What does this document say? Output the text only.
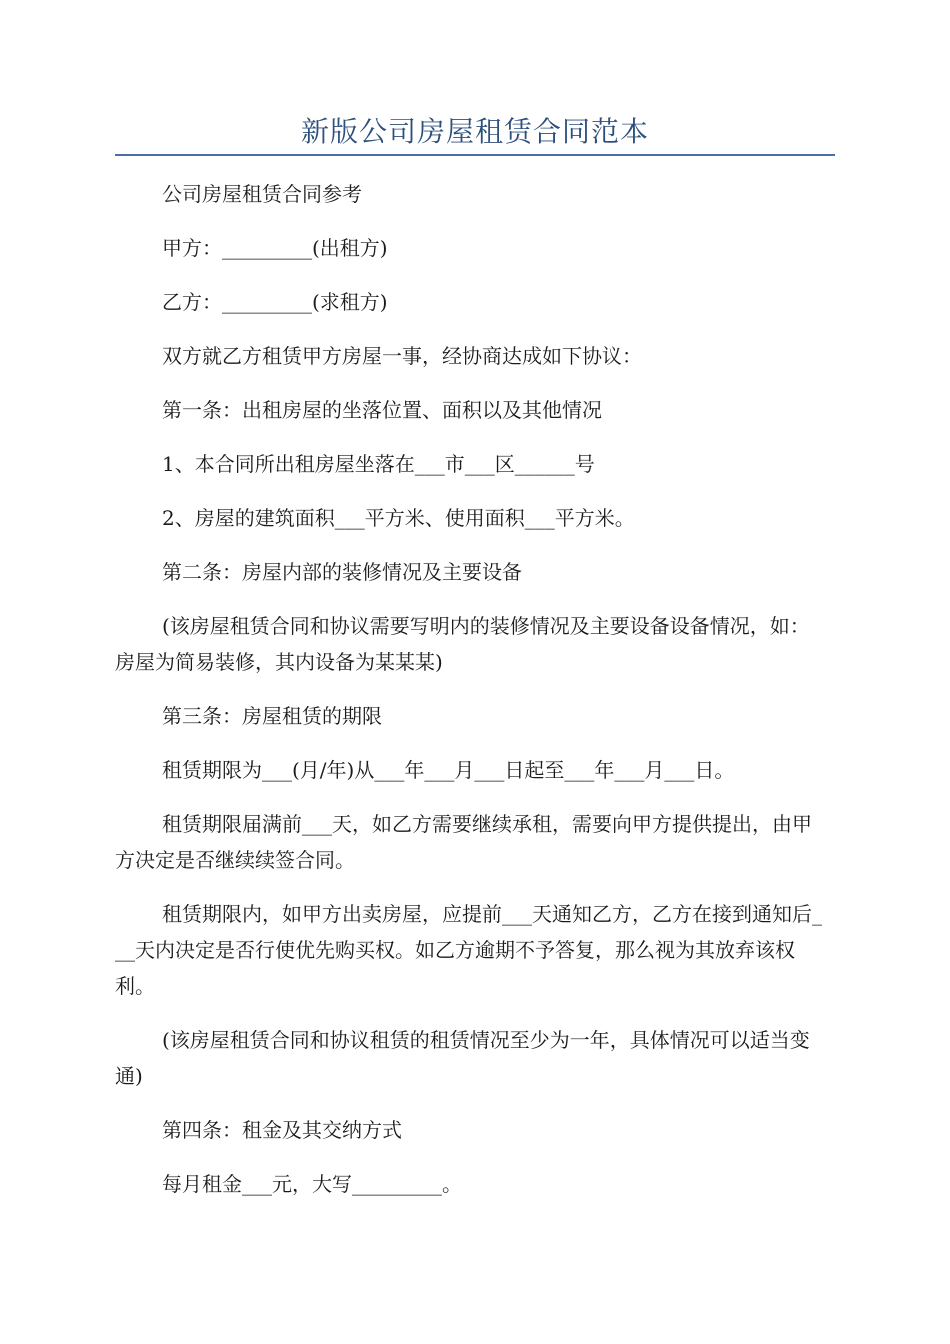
新版公司房屋租赁合同范本

公司房屋租赁合同参考

甲方：_________(出租方)

乙方：_________(求租方)

双方就乙方租赁甲方房屋一事，经协商达成如下协议：

第一条：出租房屋的坐落位置、面积以及其他情况

1、本合同所出租房屋坐落在___市___区______号

2、房屋的建筑面积___平方米、使用面积___平方米。

第二条：房屋内部的装修情况及主要设备

(该房屋租赁合同和协议需要写明内的装修情况及主要设备设备情况，如：房屋为简易装修，其内设备为某某某)

第三条：房屋租赁的期限

租赁期限为___(月/年)从___年___月___日起至___年___月___日。

租赁期限届满前___天，如乙方需要继续承租，需要向甲方提供提出，由甲方决定是否继续续签合同。

租赁期限内，如甲方出卖房屋，应提前___天通知乙方，乙方在接到通知后___天内决定是否行使优先购买权。如乙方逾期不予答复，那么视为其放弃该权利。

(该房屋租赁合同和协议租赁的租赁情况至少为一年，具体情况可以适当变通)

第四条：租金及其交纳方式

每月租金___元，大写_________。
